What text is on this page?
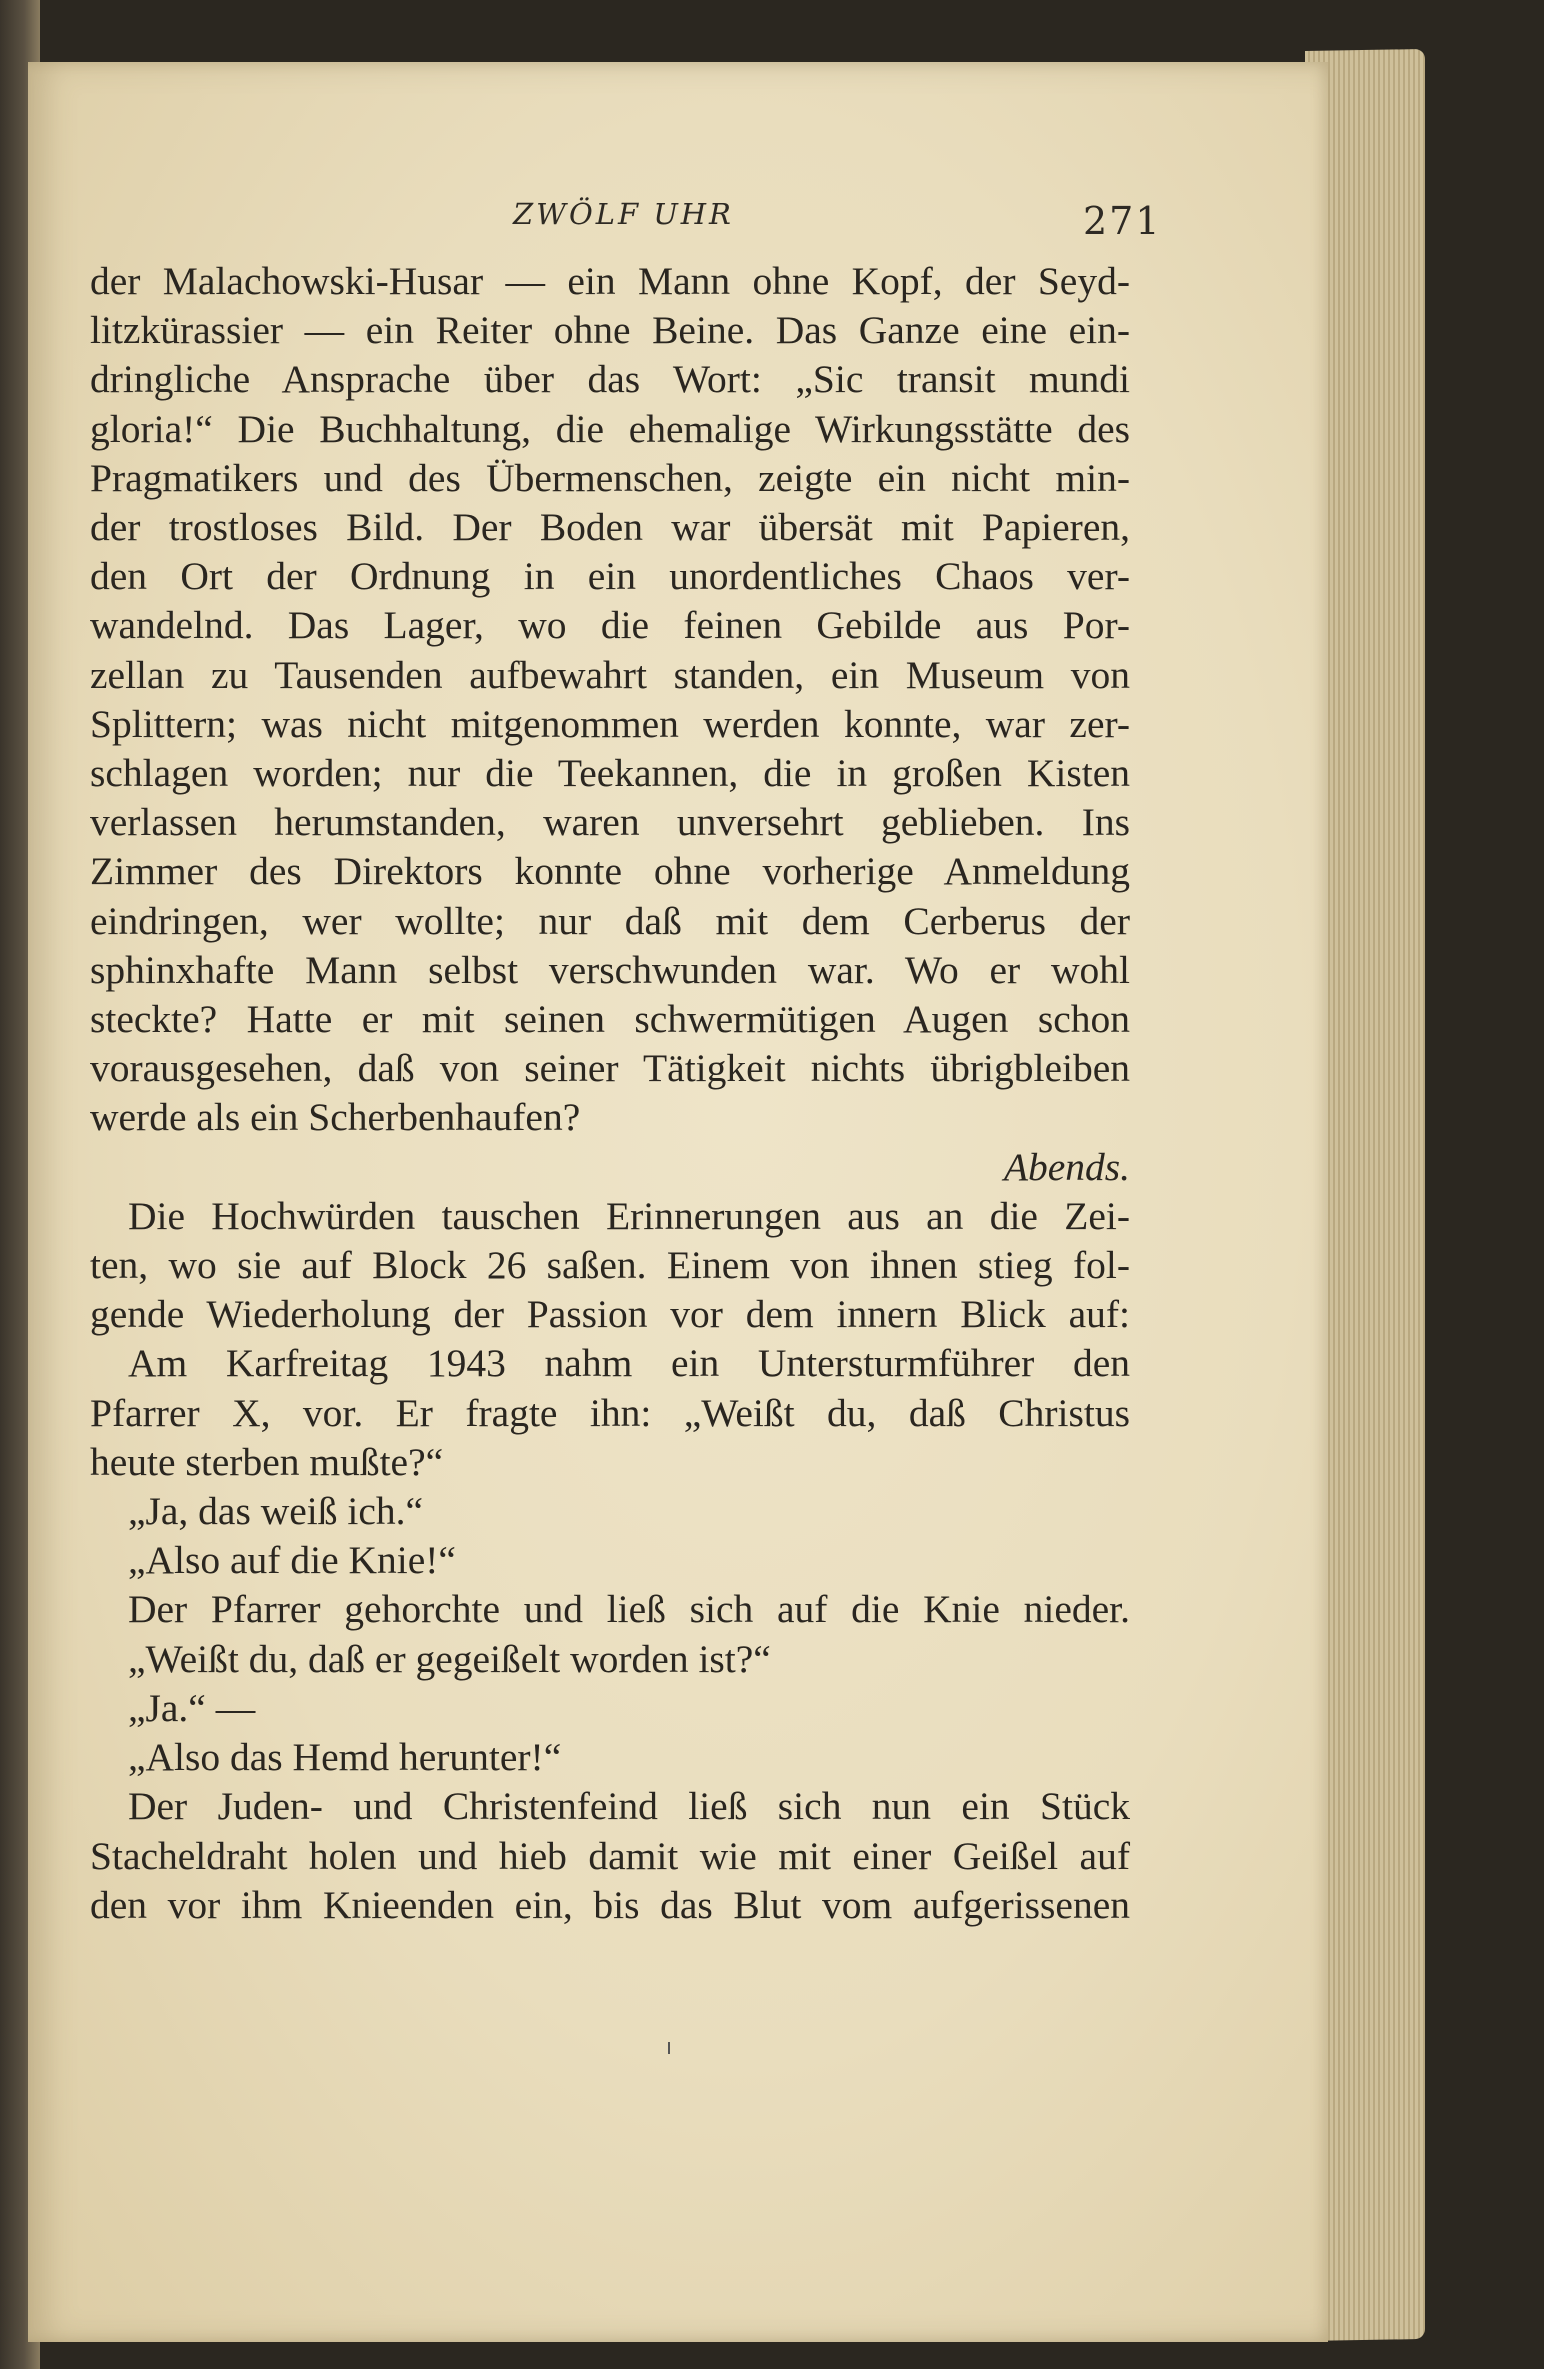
ZWÖLF UHR	271
der Malachowski-Husar — ein Mann ohne Kopf, der Seyd-
litzkürassier — ein Reiter ohne Beine. Das Ganze eine ein-
dringliche Ansprache über das Wort: „Sic transit mundi
gloria!“ Die Buchhaltung, die ehemalige Wirkungsstätte des
Pragmatikers und des Übermenschen, zeigte ein nicht min-
der trostloses Bild. Der Boden war übersät mit Papieren,
den Ort der Ordnung in ein unordentliches Chaos ver-
wandelnd. Das Lager, wo die feinen Gebilde aus Por-
zellan zu Tausenden aufbewahrt standen, ein Museum von
Splittern; was nicht mitgenommen werden konnte, war zer-
schlagen worden; nur die Teekannen, die in großen Kisten
verlassen herumstanden, waren unversehrt geblieben. Ins
Zimmer des Direktors konnte ohne vorherige Anmeldung
eindringen, wer wollte; nur daß mit dem Cerberus der
sphinxhafte Mann selbst verschwunden war. Wo er wohl
steckte? Hatte er mit seinen schwermütigen Augen schon
vorausgesehen, daß von seiner Tätigkeit nichts übrigbleiben
werde als ein Scherbenhaufen?
Abends.
Die Hochwürden tauschen Erinnerungen aus an die Zei-
ten, wo sie auf Block 26 saßen. Einem von ihnen stieg fol-
gende Wiederholung der Passion vor dem innern Blick auf:
Am Karfreitag 1943 nahm ein Untersturmführer den
Pfarrer X, vor. Er fragte ihn: „Weißt du, daß Christus
heute sterben mußte?“
„Ja, das weiß ich.“
„Also auf die Knie!“
Der Pfarrer gehorchte und ließ sich auf die Knie nieder.
„Weißt du, daß er gegeißelt worden ist?“
„Ja.“ —
„Also das Hemd herunter!“
Der Juden- und Christenfeind ließ sich nun ein Stück
Stacheldraht holen und hieb damit wie mit einer Geißel auf
den vor ihm Knieenden ein, bis das Blut vom aufgerissenen
